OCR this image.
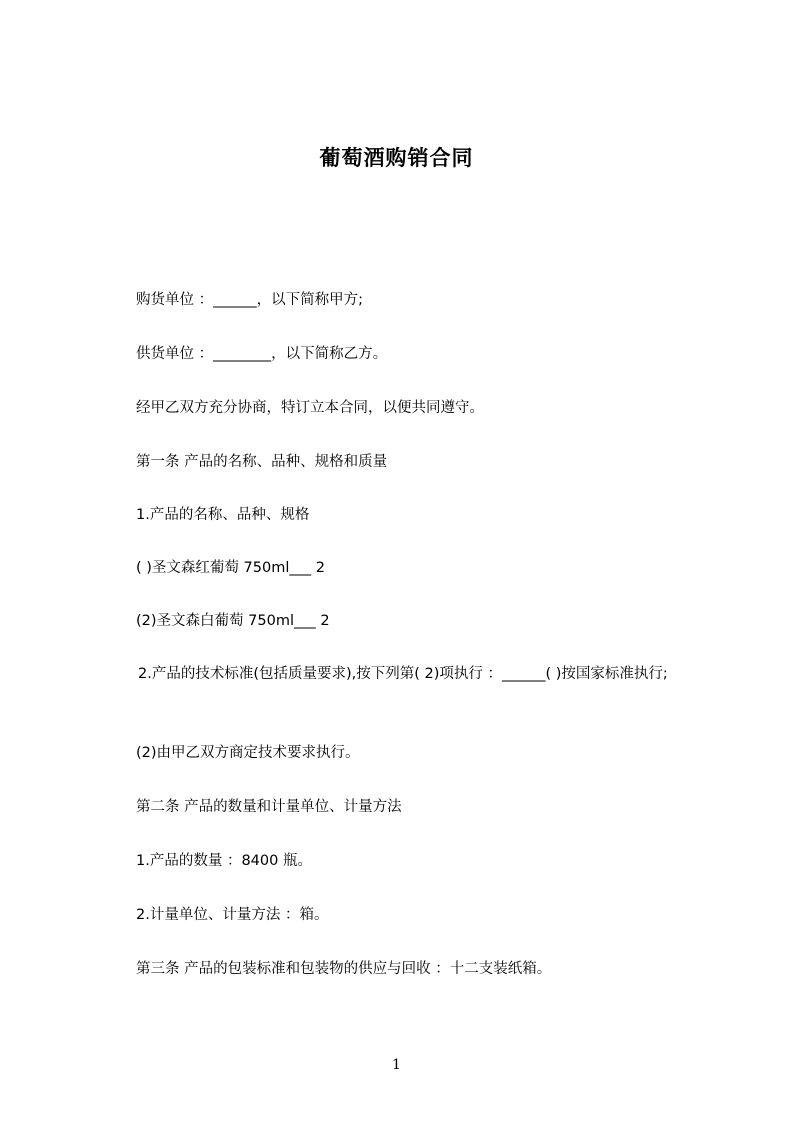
葡萄酒购销合同
购货单位 ：______，以下简称甲方;
供货单位 ：________，以下简称乙方。
经甲乙双方充分协商，特订立本合同，以便共同遵守。
第一条 产品的名称、品种、规格和质量
1.产品的名称、品种、规格
( )圣文森红葡萄 750ml___ 2
(2)圣文森白葡萄 750ml___ 2
2.产品的技术标准(包括质量要求),按下列第( 2)项执行 ：______( )按国家标准执行;
(2)由甲乙双方商定技术要求执行。
第二条 产品的数量和计量单位、计量方法
1.产品的数量 ：8400 瓶。
2.计量单位、计量方法 ：箱。
第三条 产品的包装标准和包装物的供应与回收 ：十二支装纸箱。
1
